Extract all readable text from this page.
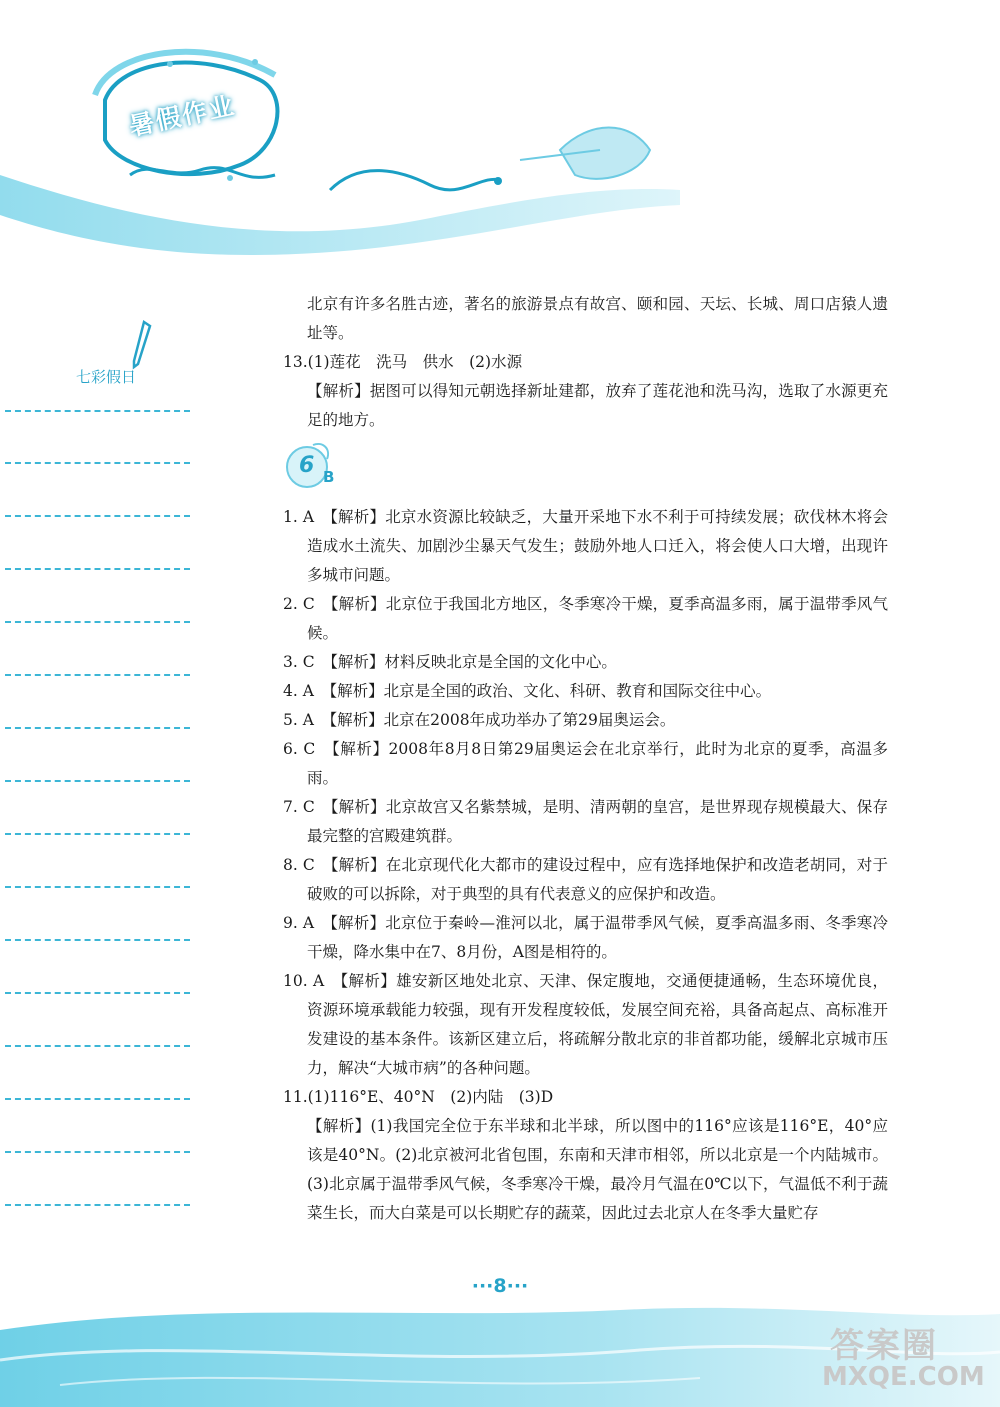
暑假作业
七彩假日

北京有许多名胜古迹，著名的旅游景点有故宫、颐和园、天坛、长城、周口店猿人遗址等。

13.(1)莲花　洗马　供水　(2)水源

【解析】据图可以得知元朝选择新址建都，放弃了莲花池和洗马沟，选取了水源更充足的地方。

6 B

1. A　【解析】北京水资源比较缺乏，大量开采地下水不利于可持续发展；砍伐林木将会造成水土流失、加剧沙尘暴天气发生；鼓励外地人口迁入，将会使人口大增，出现许多城市问题。

2. C　【解析】北京位于我国北方地区，冬季寒冷干燥，夏季高温多雨，属于温带季风气候。

3. C　【解析】材料反映北京是全国的文化中心。

4. A　【解析】北京是全国的政治、文化、科研、教育和国际交往中心。

5. A　【解析】北京在2008年成功举办了第29届奥运会。

6. C　【解析】2008年8月8日第29届奥运会在北京举行，此时为北京的夏季，高温多雨。

7. C　【解析】北京故宫又名紫禁城，是明、清两朝的皇宫，是世界现存规模最大、保存最完整的宫殿建筑群。

8. C　【解析】在北京现代化大都市的建设过程中，应有选择地保护和改造老胡同，对于破败的可以拆除，对于典型的具有代表意义的应保护和改造。

9. A　【解析】北京位于秦岭—淮河以北，属于温带季风气候，夏季高温多雨、冬季寒冷干燥，降水集中在7、8月份，A图是相符的。

10. A　【解析】雄安新区地处北京、天津、保定腹地，交通便捷通畅，生态环境优良，资源环境承载能力较强，现有开发程度较低，发展空间充裕，具备高起点、高标准开发建设的基本条件。该新区建立后，将疏解分散北京的非首都功能，缓解北京城市压力，解决“大城市病”的各种问题。

11.(1)116°E、40°N　(2)内陆　(3)D

【解析】(1)我国完全位于东半球和北半球，所以图中的116°应该是116°E，40°应该是40°N。(2)北京被河北省包围，东南和天津市相邻，所以北京是一个内陆城市。(3)北京属于温带季风气候，冬季寒冷干燥，最冷月气温在0℃以下，气温低不利于蔬菜生长，而大白菜是可以长期贮存的蔬菜，因此过去北京人在冬季大量贮存

···8···
答案圈
MXQE.COM
